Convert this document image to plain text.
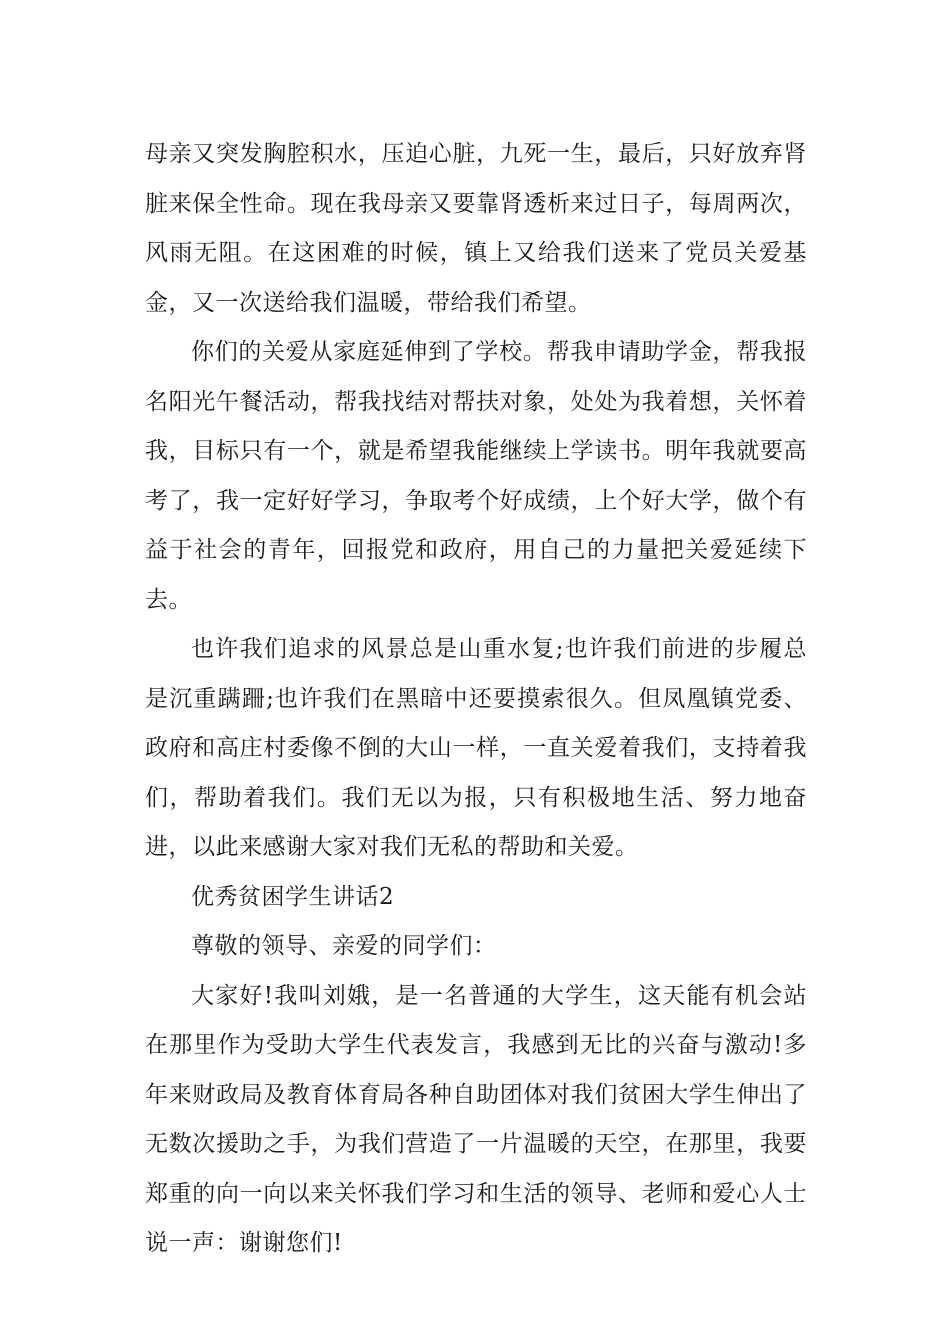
母亲又突发胸腔积水，压迫心脏，九死一生，最后，只好放弃肾脏来保全性命。现在我母亲又要靠肾透析来过日子，每周两次，风雨无阻。在这困难的时候，镇上又给我们送来了党员关爱基金，又一次送给我们温暖，带给我们希望。

你们的关爱从家庭延伸到了学校。帮我申请助学金，帮我报名阳光午餐活动，帮我找结对帮扶对象，处处为我着想，关怀着我，目标只有一个，就是希望我能继续上学读书。明年我就要高考了，我一定好好学习，争取考个好成绩，上个好大学，做个有益于社会的青年，回报党和政府，用自己的力量把关爱延续下去。

也许我们追求的风景总是山重水复;也许我们前进的步履总是沉重蹒跚;也许我们在黑暗中还要摸索很久。但凤凰镇党委、政府和高庄村委像不倒的大山一样，一直关爱着我们，支持着我们，帮助着我们。我们无以为报，只有积极地生活、努力地奋进，以此来感谢大家对我们无私的帮助和关爱。

优秀贫困学生讲话2

尊敬的领导、亲爱的同学们：

大家好!我叫刘娥，是一名普通的大学生，这天能有机会站在那里作为受助大学生代表发言，我感到无比的兴奋与激动!多年来财政局及教育体育局各种自助团体对我们贫困大学生伸出了无数次援助之手，为我们营造了一片温暖的天空，在那里，我要郑重的向一向以来关怀我们学习和生活的领导、老师和爱心人士说一声：谢谢您们!
